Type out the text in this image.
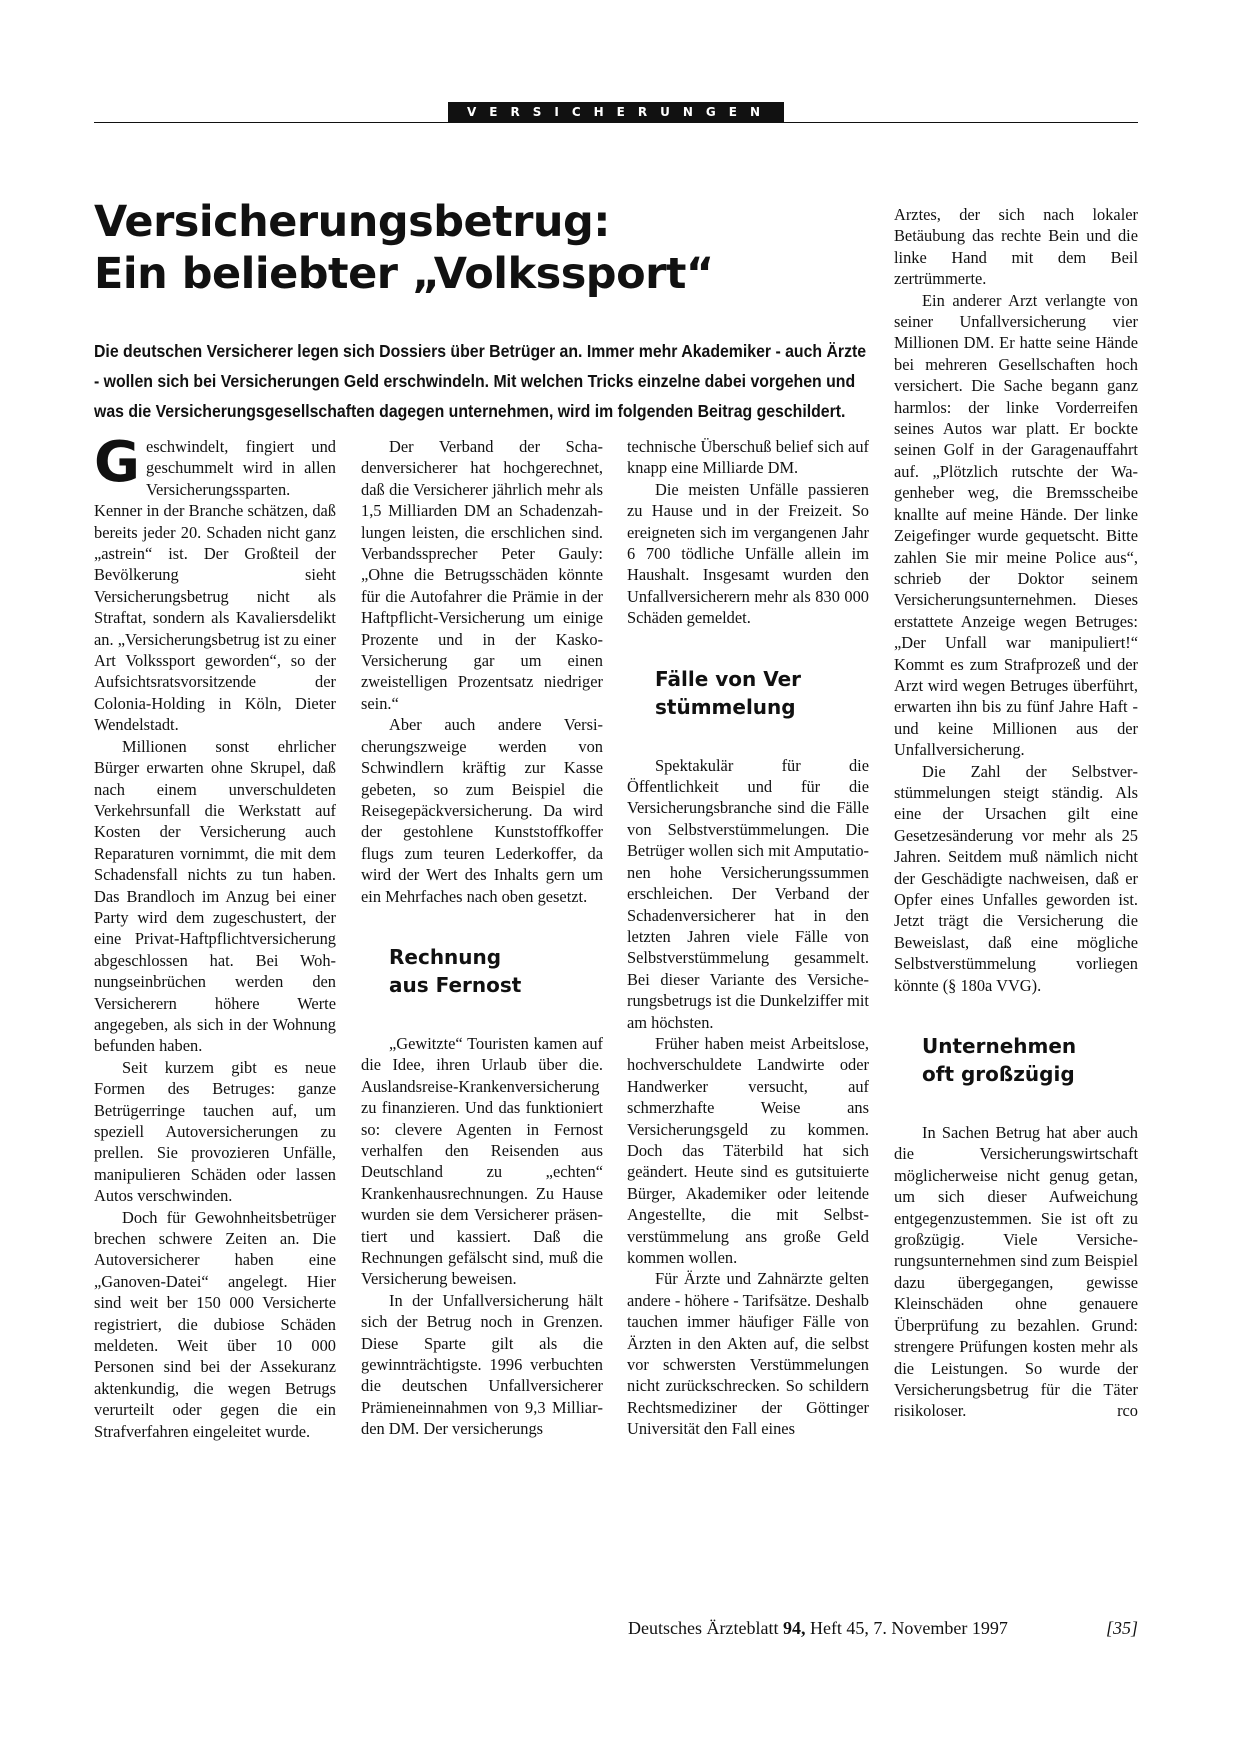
VERSICHERUNGEN
Versicherungsbetrug:
Ein beliebter „Volkssport“
Die deutschen Versicherer legen sich Dossiers über Betrüger an. Immer mehr Akademiker - auch Ärzte - wollen sich bei Versicherungen Geld erschwindeln. Mit welchen Tricks einzelne dabei vorgehen und was die Versicherungsgesellschaften dagegen unternehmen, wird im folgenden Beitrag geschildert.

Geschwindelt, fingiert und geschummelt wird in allen Versicherungssparten. Kenner in der Branche schätzen, daß bereits jeder 20. Schaden nicht ganz „astrein“ ist. Der Großteil der Bevölkerung sieht Versicherungsbetrug nicht als Straftat, sondern als Kavaliersdelikt an. „Versicherungsbetrug ist zu einer Art Volkssport geworden“, so der Aufsichtsratsvorsitzende der Colonia-Holding in Köln, Dieter Wendelstadt.

Millionen sonst ehrlicher Bürger erwarten ohne Skrupel, daß nach einem unverschuldeten Verkehrsunfall die Werkstatt auf Kosten der Versicherung auch Reparaturen vornimmt, die mit dem Schadensfall nichts zu tun haben. Das Brandloch im Anzug bei einer Party wird dem zugeschustert, der eine Privat-Haftpflichtversicherung abgeschlossen hat. Bei Wohnungseinbrüchen werden den Versicherern höhere Werte angegeben, als sich in der Wohnung befunden haben.

Seit kurzem gibt es neue Formen des Betruges: ganze Betrügerringe tauchen auf, um speziell Autoversicherungen zu prellen. Sie provozieren Unfälle, manipulieren Schäden oder lassen Autos verschwinden.

Doch für Gewohnheitsbetrüger brechen schwere Zeiten an. Die Autoversicherer haben eine „Ganoven-Datei“ angelegt. Hier sind weit ber 150 000 Versicherte registriert, die dubiose Schäden meldeten. Weit über 10 000 Personen sind bei der Assekuranz aktenkundig, die wegen Betrugs verurteilt oder gegen die ein Strafverfahren eingeleitet wurde.

Der Verband der Schadenversicherer hat hochgerechnet, daß die Versicherer jährlich mehr als 1,5 Milliarden DM an Schadenzahlungen leisten, die erschlichen sind. Verbandssprecher Peter Gauly: „Ohne die Betrugsschäden könnte für die Autofahrer die Prämie in der Haftpflicht-Versicherung um einige Prozente und in der Kasko-Versicherung gar um einen zweistelligen Prozentsatz niedriger sein.“

Aber auch andere Versicherungszweige werden von Schwindlern kräftig zur Kasse gebeten, so zum Beispiel die Reisegepäckversicherung. Da wird der gestohlene Kunststoffkoffer flugs zum teuren Lederkoffer, da wird der Wert des Inhalts gern um ein Mehrfaches nach oben gesetzt.

Rechnung
aus Fernost

„Gewitzte“ Touristen kamen auf die Idee, ihren Urlaub über die. Auslandsreise-Krankenversicherung zu finanzieren. Und das funktioniert so: clevere Agenten in Fernost verhalfen den Reisenden aus Deutschland zu „echten“ Krankenhausrechnungen. Zu Hause wurden sie dem Versicherer präsentiert und kassiert. Daß die Rechnungen gefälscht sind, muß die Versicherung beweisen.

In der Unfallversicherung hält sich der Betrug noch in Grenzen. Diese Sparte gilt als die gewinnträchtigste. 1996 verbuchten die deutschen Unfallversicherer Prämieneinnahmen von 9,3 Milliarden DM. Der versicherungs

technische Überschuß belief sich auf knapp eine Milliarde DM.

Die meisten Unfälle passieren zu Hause und in der Freizeit. So ereigneten sich im vergangenen Jahr 6 700 tödliche Unfälle allein im Haushalt. Insgesamt wurden den Unfallversicherern mehr als 830 000 Schäden gemeldet.

Fälle von Ver
stümmelung

Spektakulär für die Öffentlichkeit und für die Versicherungsbranche sind die Fälle von Selbstverstümmelungen. Die Betrüger wollen sich mit Amputationen hohe Versicherungssummen erschleichen. Der Verband der Schadenversicherer hat in den letzten Jahren viele Fälle von Selbstverstümmelung gesammelt. Bei dieser Variante des Versicherungsbetrugs ist die Dunkelziffer mit am höchsten.

Früher haben meist Arbeitslose, hochverschuldete Landwirte oder Handwerker versucht, auf schmerzhafte Weise ans Versicherungsgeld zu kommen. Doch das Täterbild hat sich geändert. Heute sind es gutsituierte Bürger, Akademiker oder leitende Angestellte, die mit Selbstverstümmelung ans große Geld kommen wollen.

Für Ärzte und Zahnärzte gelten andere - höhere - Tarifsätze. Deshalb tauchen immer häufiger Fälle von Ärzten in den Akten auf, die selbst vor schwersten Verstümmelungen nicht zurückschrecken. So schildern Rechtsmediziner der Göttinger Universität den Fall eines

Arztes, der sich nach lokaler Betäubung das rechte Bein und die linke Hand mit dem Beil zertrümmerte.

Ein anderer Arzt verlangte von seiner Unfallversicherung vier Millionen DM. Er hatte seine Hände bei mehreren Gesellschaften hoch versichert. Die Sache begann ganz harmlos: der linke Vorderreifen seines Autos war platt. Er bockte seinen Golf in der Garagenauffahrt auf. „Plötzlich rutschte der Wagenheber weg, die Bremsscheibe knallte auf meine Hände. Der linke Zeigefinger wurde gequetscht. Bitte zahlen Sie mir meine Police aus“, schrieb der Doktor seinem Versicherungsunternehmen. Dieses erstattete Anzeige wegen Betruges: „Der Unfall war manipuliert!“ Kommt es zum Strafprozeß und der Arzt wird wegen Betruges überführt, erwarten ihn bis zu fünf Jahre Haft - und keine Millionen aus der Unfallversicherung.

Die Zahl der Selbstverstümmelungen steigt ständig. Als eine der Ursachen gilt eine Gesetzesänderung vor mehr als 25 Jahren. Seitdem muß nämlich nicht der Geschädigte nachweisen, daß er Opfer eines Unfalles geworden ist. Jetzt trägt die Versicherung die Beweislast, daß eine mögliche Selbstverstümmelung vorliegen könnte (§ 180a VVG).

Unternehmen
oft großzügig

In Sachen Betrug hat aber auch die Versicherungswirtschaft möglicherweise nicht genug getan, um sich dieser Aufweichung entgegenzustemmen. Sie ist oft zu großzügig. Viele Versicherungsunternehmen sind zum Beispiel dazu übergegangen, gewisse Kleinschäden ohne genauere Überprüfung zu bezahlen. Grund: strengere Prüfungen kosten mehr als die Leistungen. So wurde der Versicherungsbetrug für die Täter risikoloser.	rco

Deutsches Ärzteblatt 94, Heft 45, 7. November 1997	[35]
